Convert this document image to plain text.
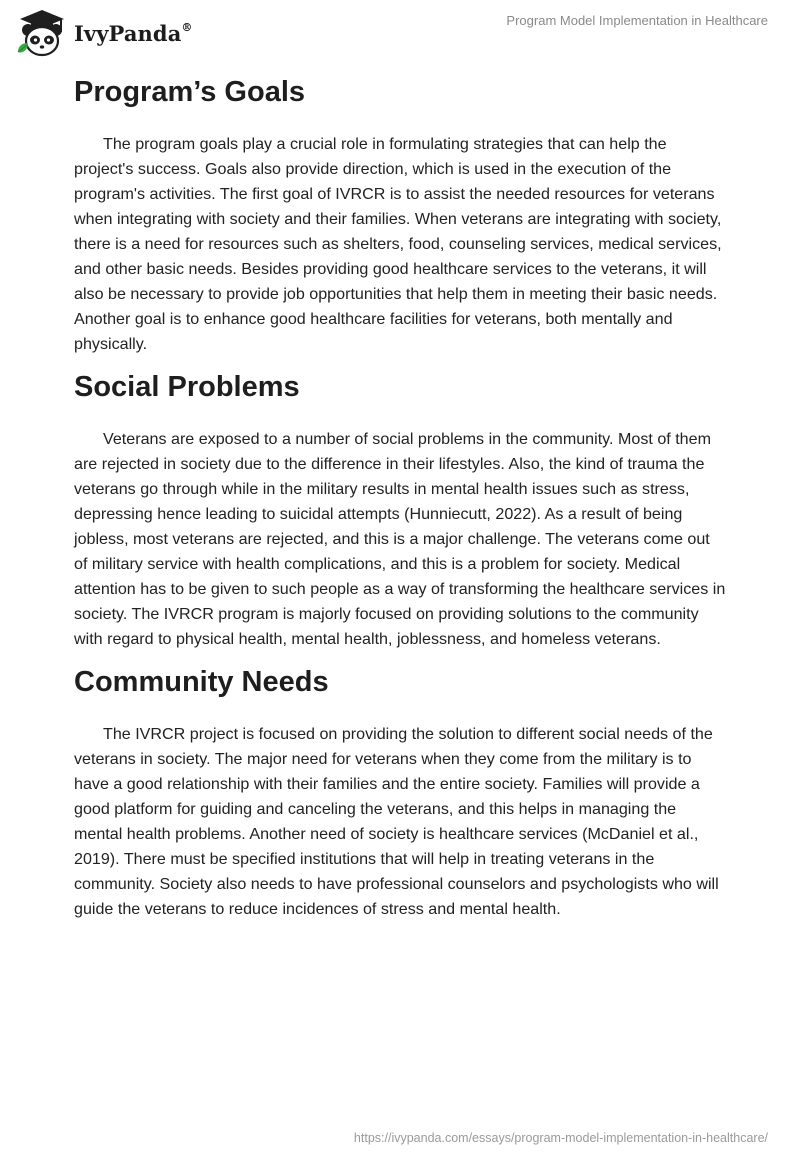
IvyPanda®	Program Model Implementation in Healthcare
Program’s Goals

The program goals play a crucial role in formulating strategies that can help the project's success. Goals also provide direction, which is used in the execution of the program's activities. The first goal of IVRCR is to assist the needed resources for veterans when integrating with society and their families. When veterans are integrating with society, there is a need for resources such as shelters, food, counseling services, medical services, and other basic needs. Besides providing good healthcare services to the veterans, it will also be necessary to provide job opportunities that help them in meeting their basic needs. Another goal is to enhance good healthcare facilities for veterans, both mentally and physically.

Social Problems

Veterans are exposed to a number of social problems in the community. Most of them are rejected in society due to the difference in their lifestyles. Also, the kind of trauma the veterans go through while in the military results in mental health issues such as stress, depressing hence leading to suicidal attempts (Hunniecutt, 2022). As a result of being jobless, most veterans are rejected, and this is a major challenge. The veterans come out of military service with health complications, and this is a problem for society. Medical attention has to be given to such people as a way of transforming the healthcare services in society. The IVRCR program is majorly focused on providing solutions to the community with regard to physical health, mental health, joblessness, and homeless veterans.

Community Needs

The IVRCR project is focused on providing the solution to different social needs of the veterans in society. The major need for veterans when they come from the military is to have a good relationship with their families and the entire society. Families will provide a good platform for guiding and canceling the veterans, and this helps in managing the mental health problems. Another need of society is healthcare services (McDaniel et al., 2019). There must be specified institutions that will help in treating veterans in the community. Society also needs to have professional counselors and psychologists who will guide the veterans to reduce incidences of stress and mental health.

https://ivypanda.com/essays/program-model-implementation-in-healthcare/
